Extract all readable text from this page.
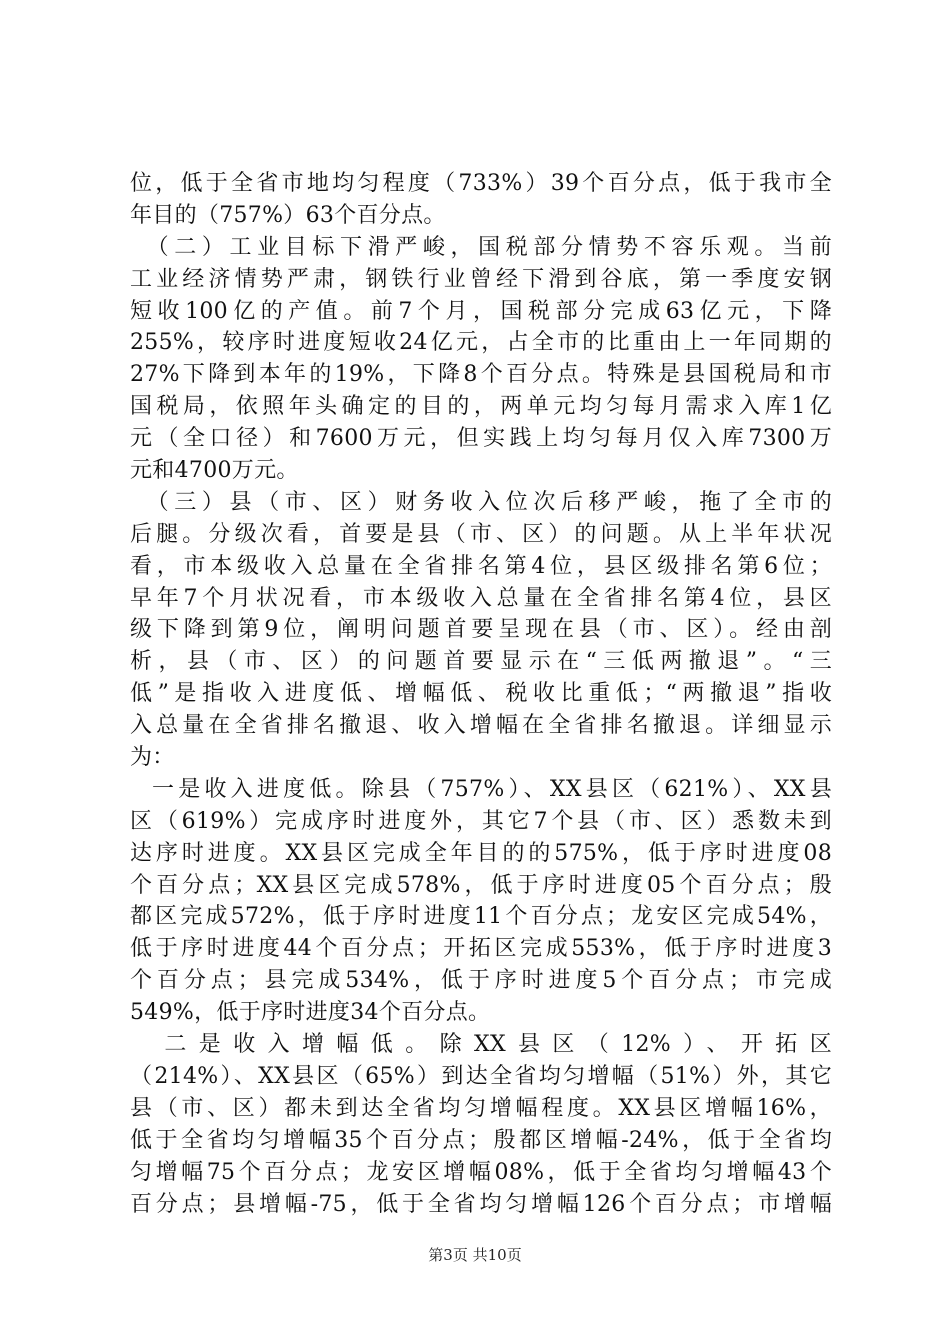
位，低于全省市地均匀程度（733%）39个百分点，低于我市全
年目的（757%）63个百分点。
　（二）工业目标下滑严峻，国税部分情势不容乐观。当前
工业经济情势严肃，钢铁行业曾经下滑到谷底，第一季度安钢
短收100亿的产值。前7个月，国税部分完成63亿元，下降
255%，较序时进度短收24亿元，占全市的比重由上一年同期的
27%下降到本年的19%，下降8个百分点。特殊是县国税局和市
国税局，依照年头确定的目的，两单元均匀每月需求入库1亿
元（全口径）和7600万元，但实践上均匀每月仅入库7300万
元和4700万元。
　（三）县（市、区）财务收入位次后移严峻，拖了全市的
后腿。分级次看，首要是县（市、区）的问题。从上半年状况
看，市本级收入总量在全省排名第4位，县区级排名第6位；
早年7个月状况看，市本级收入总量在全省排名第4位，县区
级下降到第9位，阐明问题首要呈现在县（市、区）。经由剖
析，县（市、区）的问题首要显示在“三低两撤退”。“三
低”是指收入进度低、增幅低、税收比重低；“两撤退”指收
入总量在全省排名撤退、收入增幅在全省排名撤退。详细显示
为：
一是收入进度低。除县（757%）、XX县区（621%）、XX县
区（619%）完成序时进度外，其它7个县（市、区）悉数未到
达序时进度。XX县区完成全年目的的575%，低于序时进度08
个百分点；XX县区完成578%，低于序时进度05个百分点；殷
都区完成572%，低于序时进度11个百分点；龙安区完成54%，
低于序时进度44个百分点；开拓区完成553%，低于序时进度3
个百分点；县完成534%，低于序时进度5个百分点；市完成
549%，低于序时进度34个百分点。
　二是收入增幅低。除XX县区（12%）、开拓区
（214%）、XX县区（65%）到达全省均匀增幅（51%）外，其它
县（市、区）都未到达全省均匀增幅程度。XX县区增幅16%，
低于全省均匀增幅35个百分点；殷都区增幅-24%，低于全省均
匀增幅75个百分点；龙安区增幅08%，低于全省均匀增幅43个
百分点；县增幅-75，低于全省均匀增幅126个百分点；市增幅
第3页 共10页
